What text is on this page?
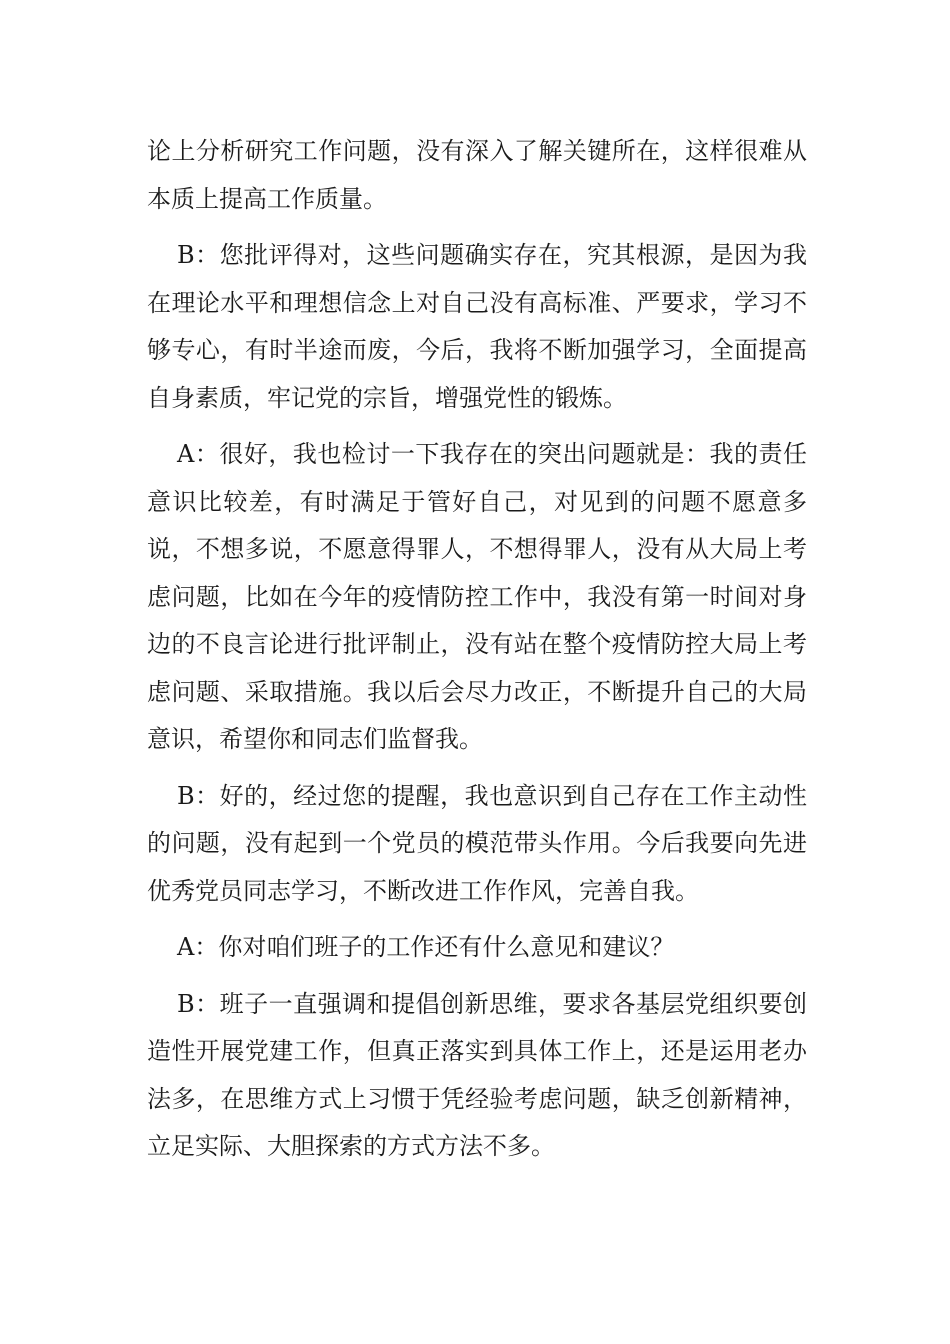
论上分析研究工作问题，没有深入了解关键所在，这样很难从本质上提高工作质量。

B：您批评得对，这些问题确实存在，究其根源，是因为我在理论水平和理想信念上对自己没有高标准、严要求，学习不够专心，有时半途而废，今后，我将不断加强学习，全面提高自身素质，牢记党的宗旨，增强党性的锻炼。

A：很好，我也检讨一下我存在的突出问题就是：我的责任意识比较差，有时满足于管好自己，对见到的问题不愿意多说，不想多说，不愿意得罪人，不想得罪人，没有从大局上考虑问题，比如在今年的疫情防控工作中，我没有第一时间对身边的不良言论进行批评制止，没有站在整个疫情防控大局上考虑问题、采取措施。我以后会尽力改正，不断提升自己的大局意识，希望你和同志们监督我。

B：好的，经过您的提醒，我也意识到自己存在工作主动性的问题，没有起到一个党员的模范带头作用。今后我要向先进优秀党员同志学习，不断改进工作作风，完善自我。

A：你对咱们班子的工作还有什么意见和建议？

B：班子一直强调和提倡创新思维，要求各基层党组织要创造性开展党建工作，但真正落实到具体工作上，还是运用老办法多，在思维方式上习惯于凭经验考虑问题，缺乏创新精神，立足实际、大胆探索的方式方法不多。
